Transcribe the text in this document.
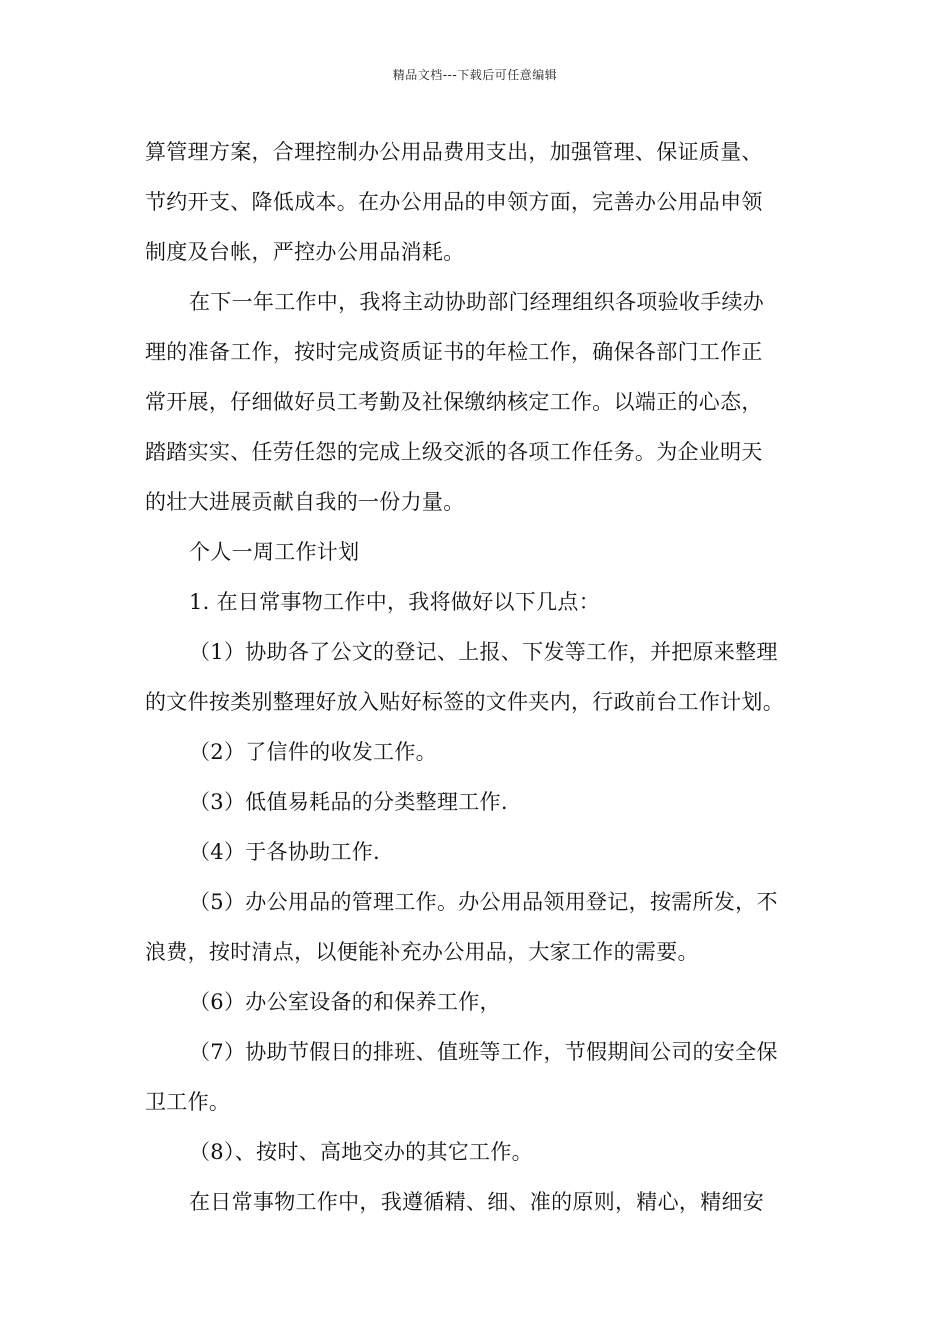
精品文档---下载后可任意编辑

算管理方案，合理控制办公用品费用支出，加强管理、保证质量、

节约开支、降低成本。在办公用品的申领方面，完善办公用品申领

制度及台帐，严控办公用品消耗。

在下一年工作中，我将主动协助部门经理组织各项验收手续办

理的准备工作，按时完成资质证书的年检工作，确保各部门工作正

常开展，仔细做好员工考勤及社保缴纳核定工作。以端正的心态，

踏踏实实、任劳任怨的完成上级交派的各项工作任务。为企业明天

的壮大进展贡献自我的一份力量。

个人一周工作计划

1. 在日常事物工作中，我将做好以下几点：

（1）协助各了公文的登记、上报、下发等工作，并把原来整理

的文件按类别整理好放入贴好标签的文件夹内，行政前台工作计划。

（2）了信件的收发工作。

（3）低值易耗品的分类整理工作.

（4）于各协助工作.

（5）办公用品的管理工作。办公用品领用登记，按需所发，不

浪费，按时清点，以便能补充办公用品，大家工作的需要。

（6）办公室设备的和保养工作，

（7）协助节假日的排班、值班等工作，节假期间公司的安全保

卫工作。

（8）、按时、高地交办的其它工作。

在日常事物工作中，我遵循精、细、准的原则，精心，精细安
